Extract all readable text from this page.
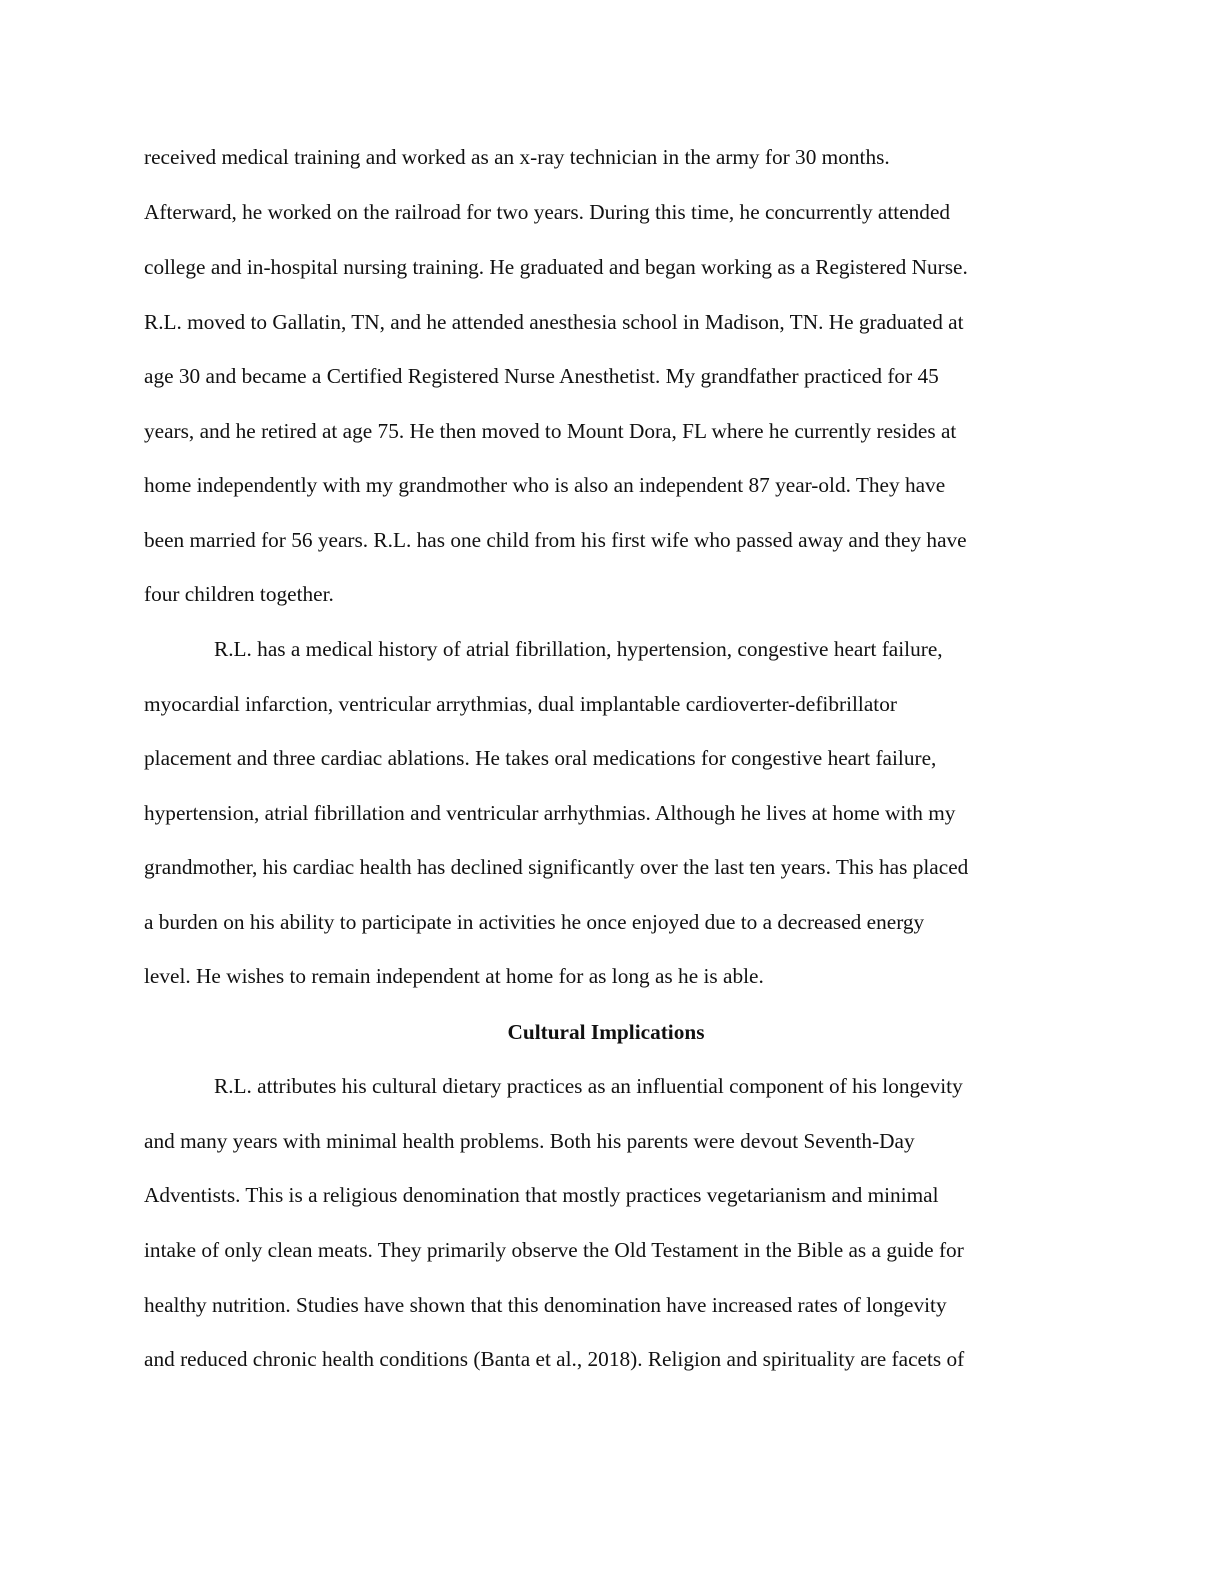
received medical training and worked as an x-ray technician in the army for 30 months.
Afterward, he worked on the railroad for two years. During this time, he concurrently attended
college and in-hospital nursing training. He graduated and began working as a Registered Nurse.
R.L. moved to Gallatin, TN, and he attended anesthesia school in Madison, TN. He graduated at
age 30 and became a Certified Registered Nurse Anesthetist. My grandfather practiced for 45
years, and he retired at age 75. He then moved to Mount Dora, FL where he currently resides at
home independently with my grandmother who is also an independent 87 year-old. They have
been married for 56 years. R.L. has one child from his first wife who passed away and they have
four children together.
R.L. has a medical history of atrial fibrillation, hypertension, congestive heart failure,
myocardial infarction, ventricular arrythmias, dual implantable cardioverter-defibrillator
placement and three cardiac ablations. He takes oral medications for congestive heart failure,
hypertension, atrial fibrillation and ventricular arrhythmias. Although he lives at home with my
grandmother, his cardiac health has declined significantly over the last ten years. This has placed
a burden on his ability to participate in activities he once enjoyed due to a decreased energy
level. He wishes to remain independent at home for as long as he is able.
Cultural Implications
R.L. attributes his cultural dietary practices as an influential component of his longevity
and many years with minimal health problems. Both his parents were devout Seventh-Day
Adventists. This is a religious denomination that mostly practices vegetarianism and minimal
intake of only clean meats. They primarily observe the Old Testament in the Bible as a guide for
healthy nutrition. Studies have shown that this denomination have increased rates of longevity
and reduced chronic health conditions (Banta et al., 2018). Religion and spirituality are facets of
